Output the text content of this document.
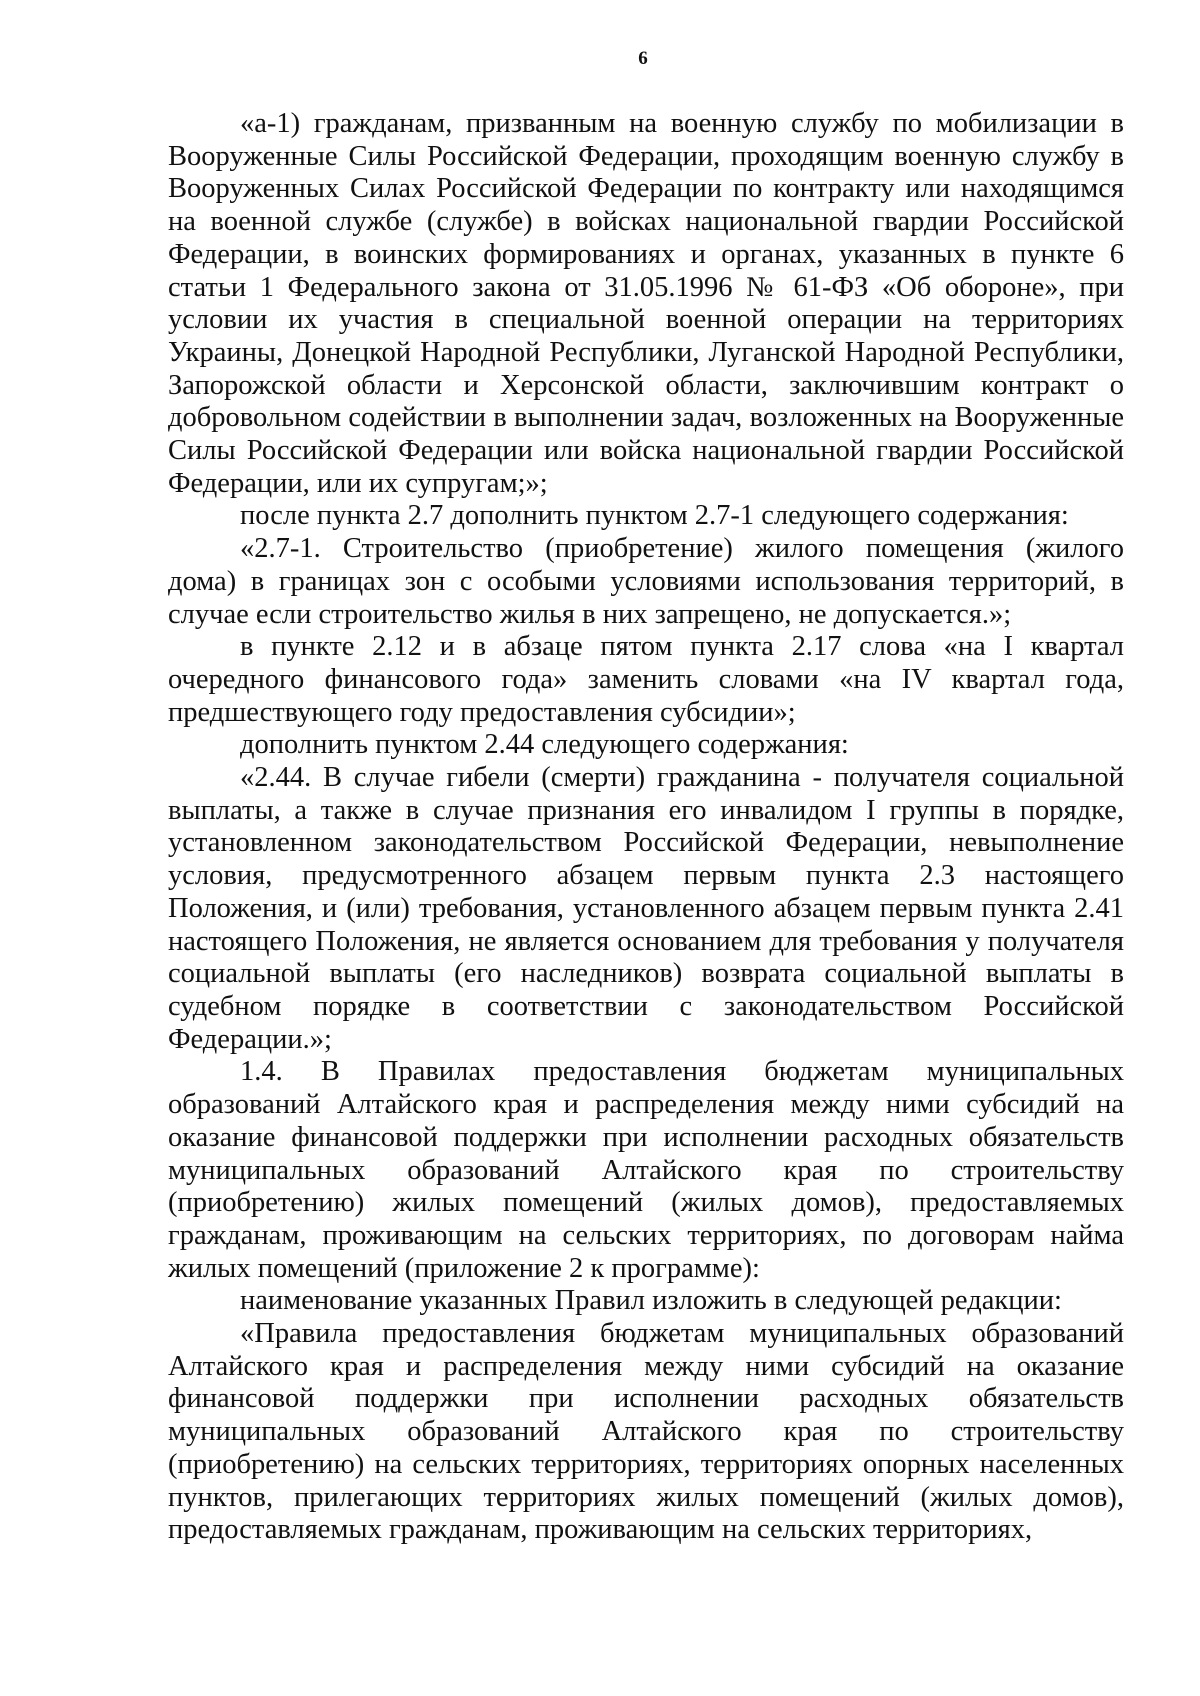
6

«а-1) гражданам, призванным на военную службу по мобилизации в Вооруженные Силы Российской Федерации, проходящим военную службу в Вооруженных Силах Российской Федерации по контракту или находящимся на военной службе (службе) в войсках национальной гвардии Российской Федерации, в воинских формированиях и органах, указанных в пункте 6 статьи 1 Федерального закона от 31.05.1996 № 61-ФЗ «Об обороне», при условии их участия в специальной военной операции на территориях Украины, Донецкой Народной Республики, Луганской Народной Республики, Запорожской области и Херсонской области, заключившим контракт о добровольном содействии в выполнении задач, возложенных на Вооруженные Силы Российской Федерации или войска национальной гвардии Российской Федерации, или их супругам;»;

после пункта 2.7 дополнить пунктом 2.7-1 следующего содержания:

«2.7-1. Строительство (приобретение) жилого помещения (жилого дома) в границах зон с особыми условиями использования территорий, в случае если строительство жилья в них запрещено, не допускается.»;

в пункте 2.12 и в абзаце пятом пункта 2.17 слова «на I квартал очередного финансового года» заменить словами «на IV квартал года, предшествующего году предоставления субсидии»;

дополнить пунктом 2.44 следующего содержания:

«2.44. В случае гибели (смерти) гражданина - получателя социальной выплаты, а также в случае признания его инвалидом I группы в порядке, установленном законодательством Российской Федерации, невыполнение условия, предусмотренного абзацем первым пункта 2.3 настоящего Положения, и (или) требования, установленного абзацем первым пункта 2.41 настоящего Положения, не является основанием для требования у получателя социальной выплаты (его наследников) возврата социальной выплаты в судебном порядке в соответствии с законодательством Российской Федерации.»;

1.4. В Правилах предоставления бюджетам муниципальных образований Алтайского края и распределения между ними субсидий на оказание финансовой поддержки при исполнении расходных обязательств муниципальных образований Алтайского края по строительству (приобретению) жилых помещений (жилых домов), предоставляемых гражданам, проживающим на сельских территориях, по договорам найма жилых помещений (приложение 2 к программе):

наименование указанных Правил изложить в следующей редакции:

«Правила предоставления бюджетам муниципальных образований Алтайского края и распределения между ними субсидий на оказание финансовой поддержки при исполнении расходных обязательств муниципальных образований Алтайского края по строительству (приобретению) на сельских территориях, территориях опорных населенных пунктов, прилегающих территориях жилых помещений (жилых домов), предоставляемых гражданам, проживающим на сельских территориях,
